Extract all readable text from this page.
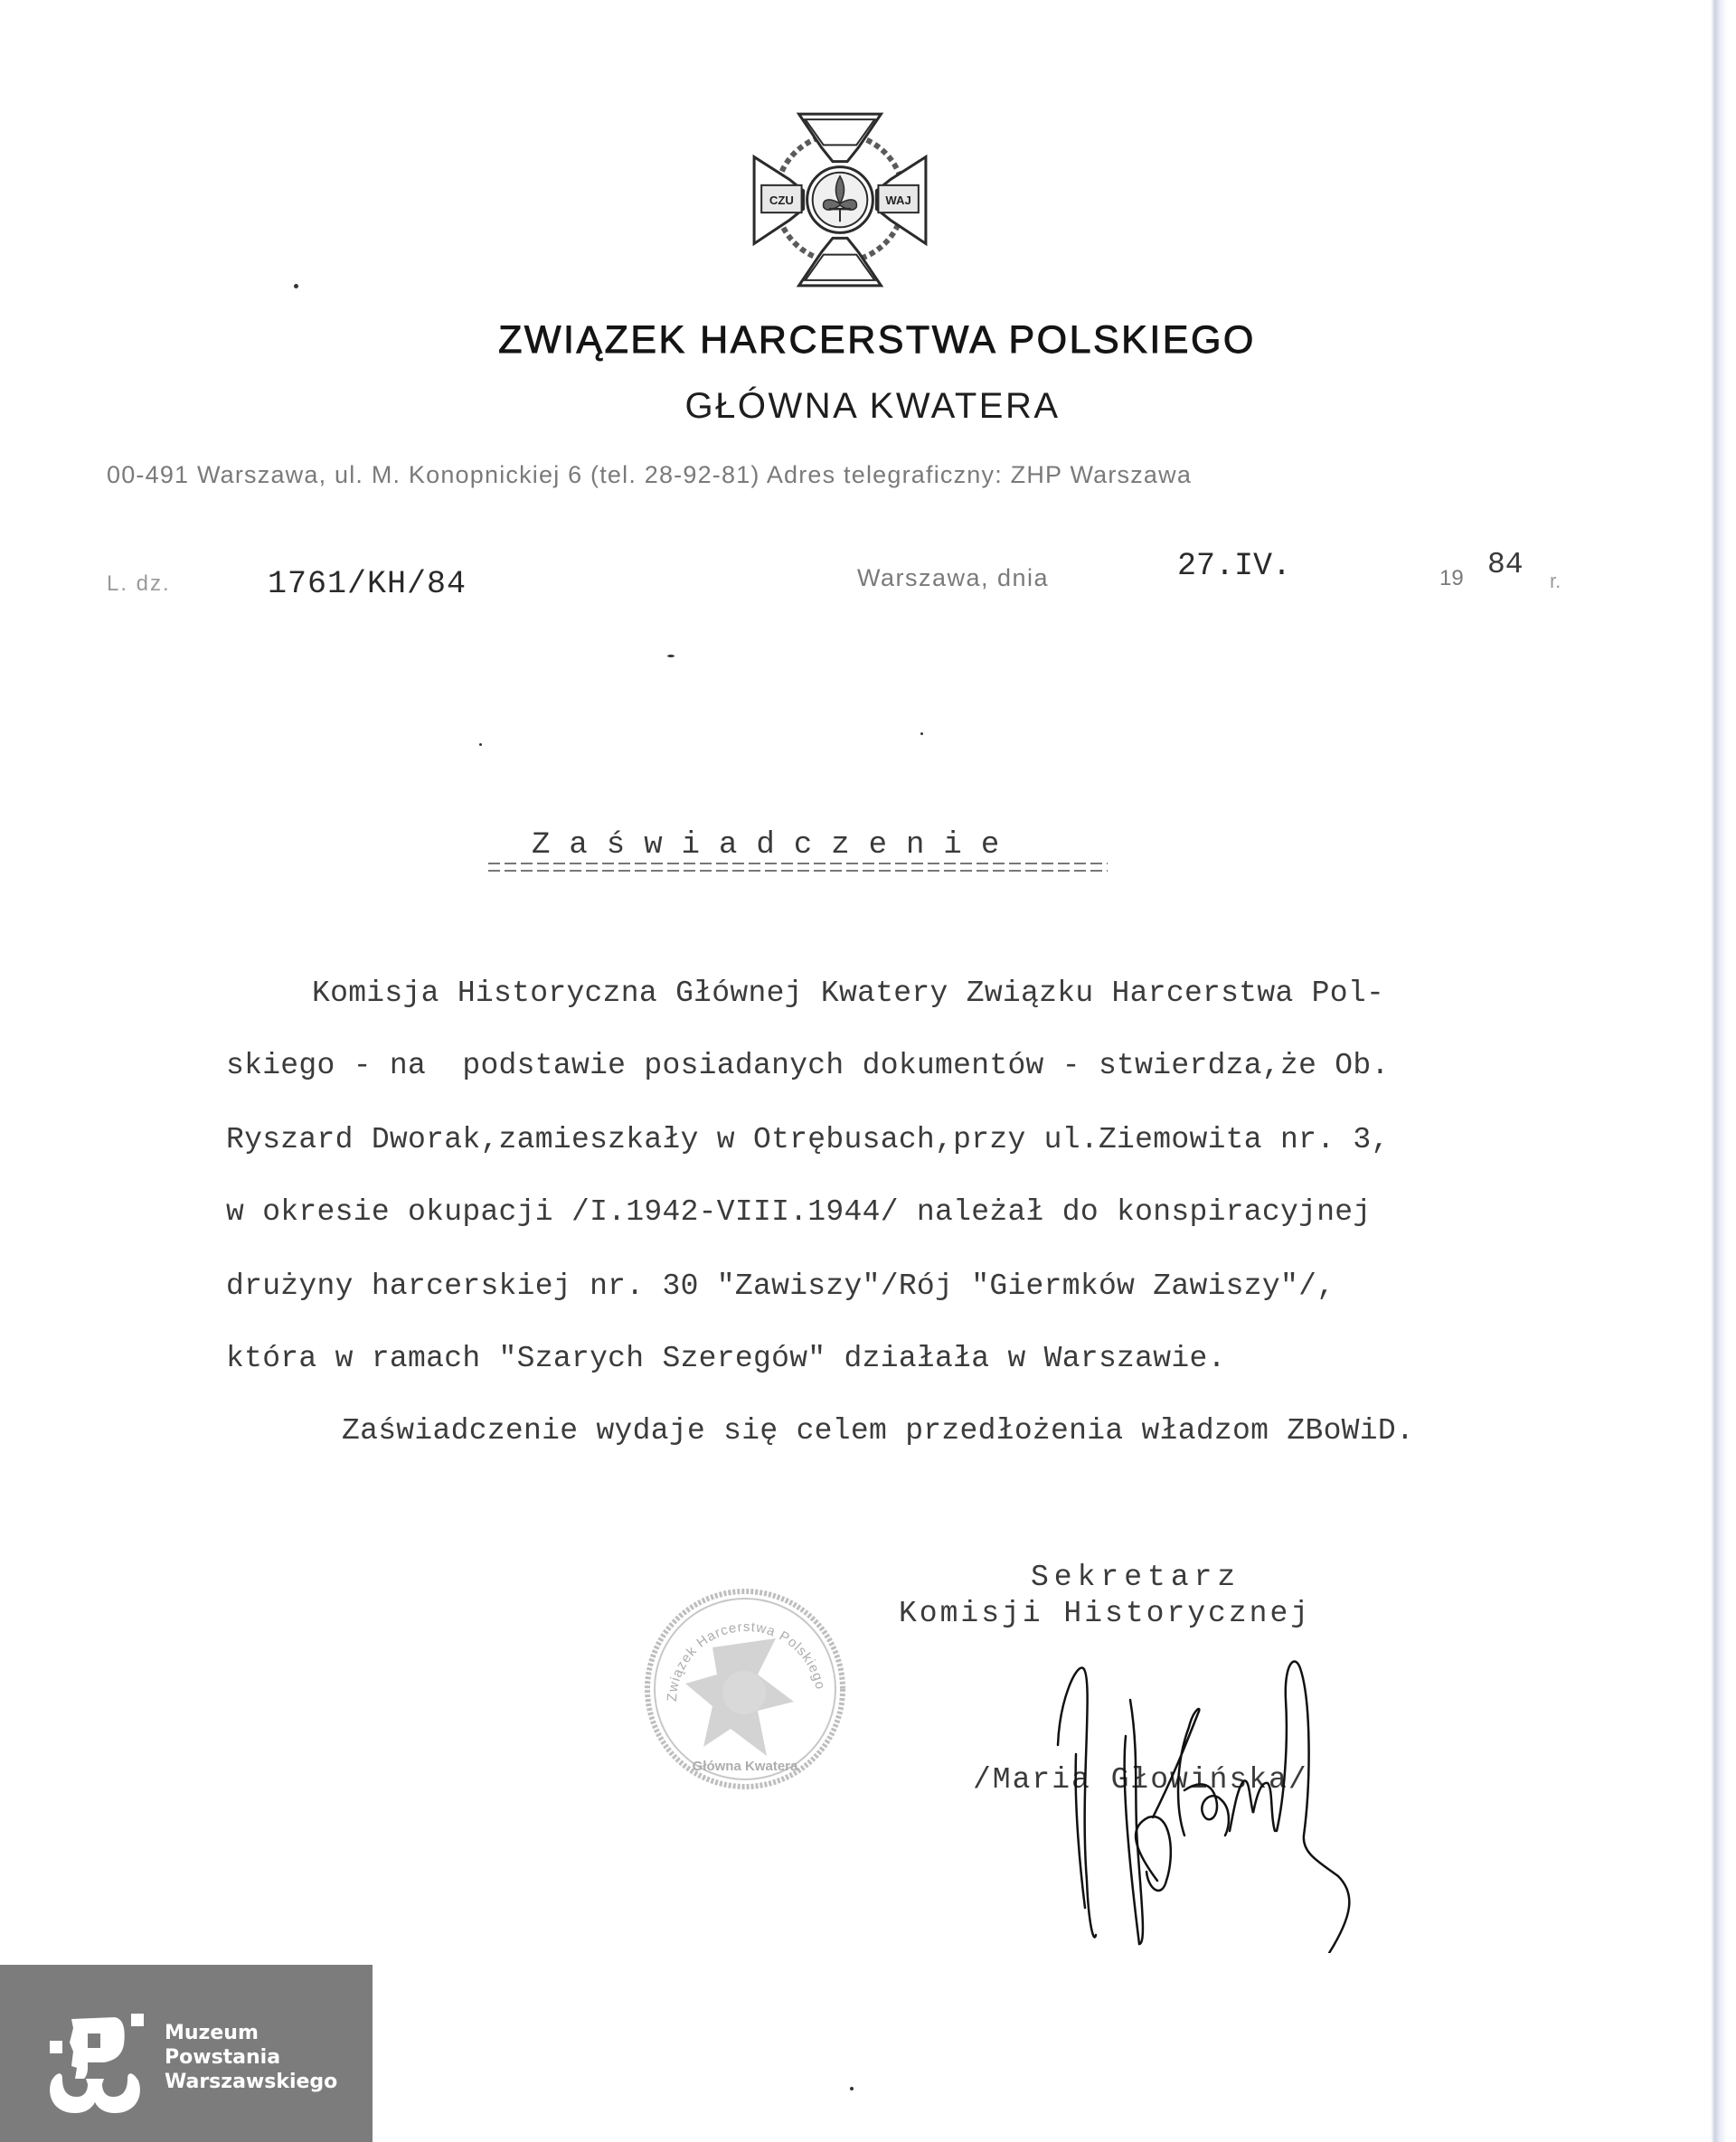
CZU	WAJ
ZWIĄZEK HARCERSTWA POLSKIEGO
GŁÓWNA KWATERA
00-491 Warszawa, ul. M. Konopnickiej 6 (tel. 28-92-81) Adres telegraficzny: ZHP Warszawa
L. dz.	1761/KH/84	Warszawa, dnia	27.IV.	19 84 r.
Zaświadczenie
Komisja Historyczna Głównej Kwatery Związku Harcerstwa Pol-
skiego - na  podstawie posiadanych dokumentów - stwierdza,że Ob.
Ryszard Dworak,zamieszkały w Otrębusach,przy ul.Ziemowita nr. 3,
w okresie okupacji /I.1942-VIII.1944/ należał do konspiracyjnej
drużyny harcerskiej nr. 30 "Zawiszy"/Rój "Giermków Zawiszy"/,
która w ramach "Szarych Szeregów" działała w Warszawie.
Zaświadczenie wydaje się celem przedłożenia władzom ZBoWiD.
Sekretarz
Komisji Historycznej
Związek Harcerstwa Polskiego
Główna Kwatera	/Maria Głowińska/
Muzeum
Powstania
Warszawskiego
